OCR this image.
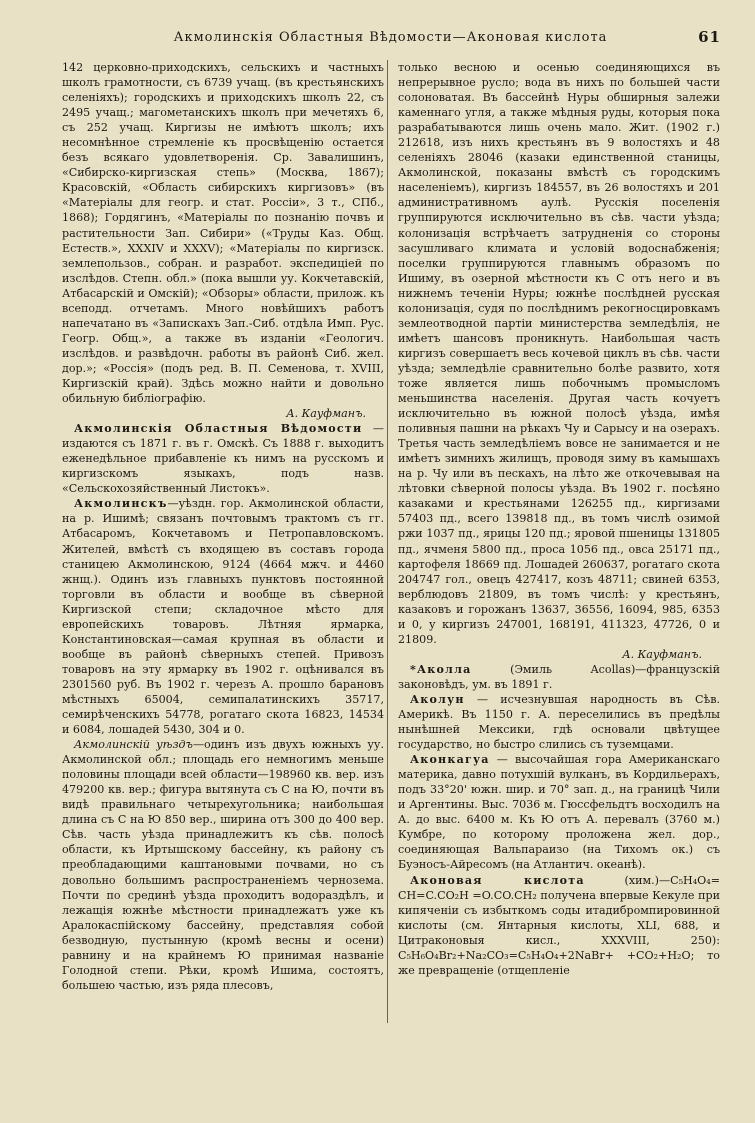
Акмолинскiя Областныя Вѣдомости—Аконовая кислота	61
142 церковно-приходскихъ, сельскихъ и частныхъ школъ грамотности, съ 6739 учащ. (въ крестьянскихъ селенiяхъ); городскихъ и приходскихъ школъ 22, съ 2495 учащ.; магометанскихъ школъ при мечетяхъ 6, съ 252 учащ. Киргизы не имѣютъ школъ; ихъ несомнѣнное стремленiе къ просвѣщенiю остается безъ всякаго удовлетворенiя. Ср. Завалишинъ, «Сибирско-киргизская степь» (Москва, 1867); Красовскiй, «Область сибирскихъ киргизовъ» (въ «Матерiалы для геогр. и стат. Россiи», 3 т., СПб., 1868); Гордягинъ, «Матерiалы по познанiю почвъ и растительности Зап. Сибири» («Труды Каз. Общ. Естеств.», XXXIV и XXXV); «Матерiалы по киргизск. землепользов., собран. и разработ. экспедицiей по изслѣдов. Степн. обл.» (пока вышли уу. Кокчетавскiй, Атбасарскiй и Омскiй); «Обзоры» области, прилож. къ всеподд. отчетамъ. Много новѣйшихъ работъ напечатано въ «Запискахъ Зап.-Сиб. отдѣла Имп. Рус. Геогр. Общ.», а также въ изданiи «Геологич. изслѣдов. и развѣдочн. работы въ районѣ Сиб. жел. дор.»; «Россiя» (подъ ред. В. П. Семенова, т. XVIII, Киргизскiй край). Здѣсь можно найти и довольно обильную библiографiю.
А. Кауфманъ.
Акмолинскiя Областныя Вѣдомости — издаются съ 1871 г. въ г. Омскѣ. Съ 1888 г. выходитъ еженедѣльное прибавленiе къ нимъ на русскомъ и киргизскомъ языкахъ, подъ назв. «Сельскохозяйственный Листокъ».
Акмолинскъ—уѣздн. гор. Акмолинской области, на р. Ишимѣ; связанъ почтовымъ трактомъ съ гг. Атбасаромъ, Кокчетавомъ и Петропавловскомъ. Жителей, вмѣстѣ съ входящею въ составъ города станицею Акмолинскою, 9124 (4664 мжч. и 4460 жнщ.). Одинъ изъ главныхъ пунктовъ постоянной торговли въ области и вообще въ сѣверной Киргизской степи; складочное мѣсто для европейскихъ товаровъ. Лѣтняя ярмарка, Константиновская—самая крупная въ области и вообще въ районѣ сѣверныхъ степей. Привозъ товаровъ на эту ярмарку въ 1902 г. оцѣнивался въ 2301560 руб. Въ 1902 г. черезъ А. прошло барановъ мѣстныхъ 65004, семипалатинскихъ 35717, семирѣченскихъ 54778, рогатаго скота 16823, 14534 и 6084, лошадей 5430, 304 и 0.
Акмолинскiй уѣздъ—одинъ изъ двухъ южныхъ уу. Акмолинской обл.; площадь его немногимъ меньше половины площади всей области—198960 кв. вер. изъ 479200 кв. вер.; фигура вытянута съ С на Ю, почти въ видѣ правильнаго четырехугольника; наибольшая длина съ С на Ю 850 вер., ширина отъ 300 до 400 вер. Сѣв. часть уѣзда принадлежитъ къ сѣв. полосѣ области, къ Иртышскому бассейну, къ району съ преобладающими каштановыми почвами, но съ довольно большимъ распространенiемъ чернозема. Почти по срединѣ уѣзда проходитъ водораздѣлъ, и лежащiя южнѣе мѣстности принадлежатъ уже къ Аралокаспiйскому бассейну, представляя собой безводную, пустынную (кромѣ весны и осени) равнину и на крайнемъ Ю принимая названiе Голодной степи. Рѣки, кромѣ Ишима, состоятъ, большею частью, изъ ряда плесовъ,
только весною и осенью соединяющихся въ непрерывное русло; вода въ нихъ по большей части солоноватая. Въ бассейнѣ Нуры обширныя залежи каменнаго угля, а также мѣдныя руды, которыя пока разрабатываются лишь очень мало. Жит. (1902 г.) 212618, изъ нихъ крестьянъ въ 9 волостяхъ и 48 селенiяхъ 28046 (казаки единственной станицы, Акмолинской, показаны вмѣстѣ съ городскимъ населенiемъ), киргизъ 184557, въ 26 волостяхъ и 201 административномъ аулѣ. Русскiя поселенiя группируются исключительно въ сѣв. части уѣзда; колонизацiя встрѣчаетъ затрудненiя со стороны засушливаго климата и условiй водоснабженiя; поселки группируются главнымъ образомъ по Ишиму, въ озерной мѣстности къ С отъ него и въ нижнемъ теченiи Нуры; южнѣе послѣдней русская колонизацiя, судя по послѣднимъ рекогносцировкамъ землеотводной партiи министерства земледѣлiя, не имѣетъ шансовъ проникнуть. Наибольшая часть киргизъ совершаетъ весь кочевой циклъ въ сѣв. части уѣзда; земледѣлiе сравнительно болѣе развито, хотя тоже является лишь побочнымъ промысломъ меньшинства населенiя. Другая часть кочуетъ исключительно въ южной полосѣ уѣзда, имѣя поливныя пашни на рѣкахъ Чу и Сарысу и на озерахъ. Третья часть земледѣлiемъ вовсе не занимается и не имѣетъ зимнихъ жилищъ, проводя зиму въ камышахъ на р. Чу или въ пескахъ, на лѣто же откочевывая на лѣтовки сѣверной полосы уѣзда. Въ 1902 г. посѣяно казаками и крестьянами 126255 пд., киргизами 57403 пд., всего 139818 пд., въ томъ числѣ озимой ржи 1037 пд., ярицы 120 пд.; яровой пшеницы 131805 пд., ячменя 5800 пд., проса 1056 пд., овса 25171 пд., картофеля 18669 пд. Лошадей 260637, рогатаго скота 204747 гол., овецъ 427417, козъ 48711; свиней 6353, верблюдовъ 21809, въ томъ числѣ: у крестьянъ, казаковъ и горожанъ 13637, 36556, 16094, 985, 6353 и 0, у киргизъ 247001, 168191, 411323, 47726, 0 и 21809.
А. Кауфманъ.
*Аколла (Эмиль Acollas)—французскiй законовѣдъ, ум. въ 1891 г.
Аколун — исчезнувшая народность въ Сѣв. Америкѣ. Въ 1150 г. А. переселились въ предѣлы нынѣшней Мексики, гдѣ основали цвѣтущее государство, но быстро слились съ туземцами.
Аконкагуа — высочайшая гора Американскаго материка, давно потухшiй вулканъ, въ Кордильерахъ, подъ 33°20' южн. шир. и 70° зап. д., на границѣ Чили и Аргентины. Выс. 7036 м. Гюссфельдтъ восходилъ на А. до выс. 6400 м. Къ Ю отъ А. перевалъ (3760 м.) Кумбре, по которому проложена жел. дор., соединяющая Вальпараизо (на Тихомъ ок.) съ Буэносъ-Айресомъ (на Атлантич. океанѣ).
Аконовая кислота (хим.)—C₅H₄O₄= CH=C.CO₂H =O.CO.CH₂ получена впервые Кекуле при кипяченiи съ избыткомъ соды итадибромпировинной кислоты (см. Янтарныя кислоты, XLI, 688, и Цитраконовыя кисл., XXXVIII, 250): C₅H₆O₄Br₂+Na₂CO₃=C₅H₄O₄+2NaBr+ +CO₂+H₂O; то же превращенiе (отщепленiе
